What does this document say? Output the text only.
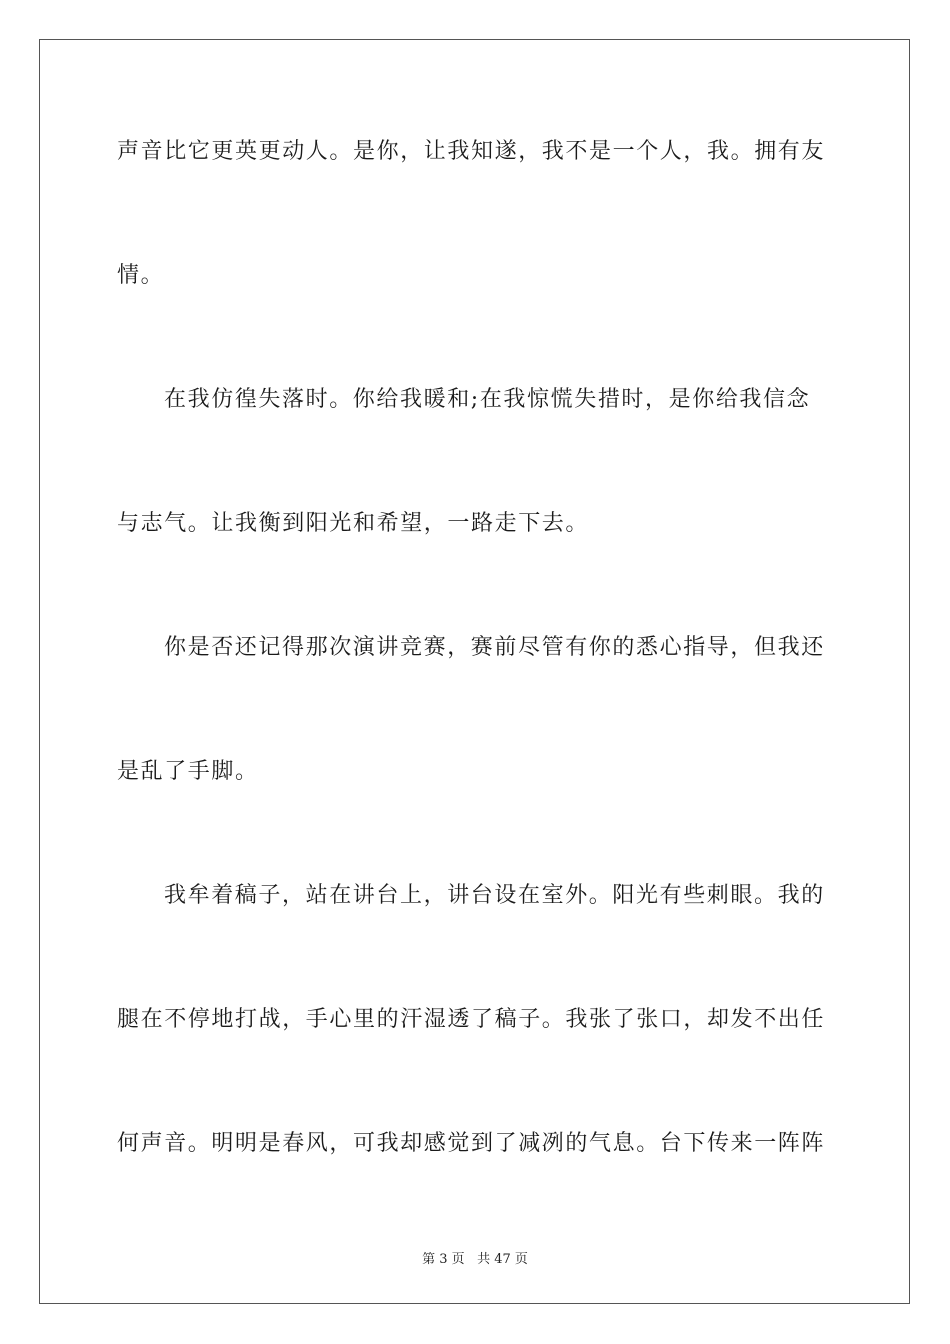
声音比它更英更动人。是你，让我知遂，我不是一个人，我。拥有友
情。
在我仿徨失落时。你给我暖和;在我惊慌失措时，是你给我信念
与志气。让我衡到阳光和希望，一路走下去。
你是否还记得那次演讲竞赛，赛前尽管有你的悉心指导，但我还
是乱了手脚。
我牟着稿子，站在讲台上，讲台设在室外。阳光有些刺眼。我的
腿在不停地打战，手心里的汗湿透了稿子。我张了张口，却发不出任
何声音。明明是春风，可我却感觉到了减冽的气息。台下传来一阵阵
第 3 页 共 47 页
